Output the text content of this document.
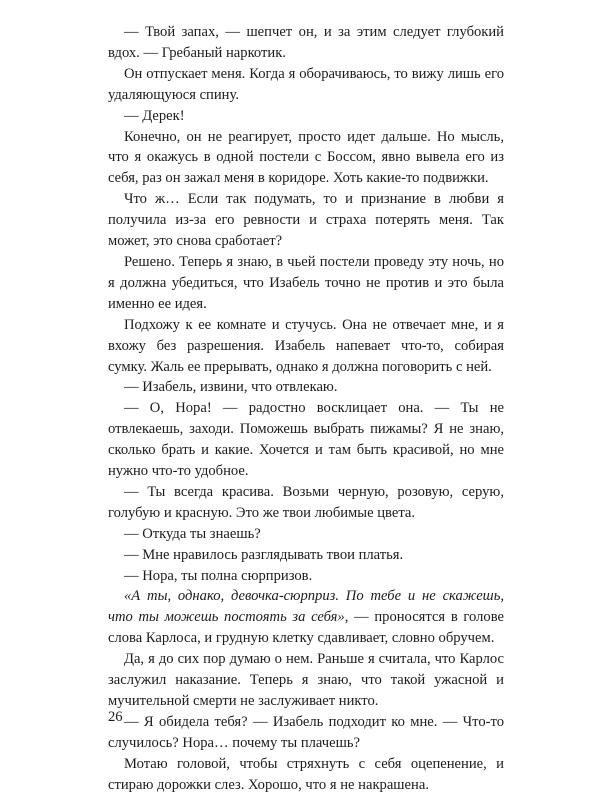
— Твой запах, — шепчет он, и за этим следует глубокий вдох. — Гребаный наркотик.

Он отпускает меня. Когда я оборачиваюсь, то вижу лишь его удаляющуюся спину.

— Дерек!

Конечно, он не реагирует, просто идет дальше. Но мысль, что я окажусь в одной постели с Боссом, явно вывела его из себя, раз он зажал меня в коридоре. Хоть какие-то подвижки.

Что ж… Если так подумать, то и признание в любви я получила из-за его ревности и страха потерять меня. Так может, это снова сработает?

Решено. Теперь я знаю, в чьей постели проведу эту ночь, но я должна убедиться, что Изабель точно не против и это была именно ее идея.

Подхожу к ее комнате и стучусь. Она не отвечает мне, и я вхожу без разрешения. Изабель напевает что-то, собирая сумку. Жаль ее прерывать, однако я должна поговорить с ней.

— Изабель, извини, что отвлекаю.

— О, Нора! — радостно восклицает она. — Ты не отвлекаешь, заходи. Поможешь выбрать пижамы? Я не знаю, сколько брать и какие. Хочется и там быть красивой, но мне нужно что-то удобное.

— Ты всегда красива. Возьми черную, розовую, серую, голубую и красную. Это же твои любимые цвета.

— Откуда ты знаешь?

— Мне нравилось разглядывать твои платья.

— Нора, ты полна сюрпризов.

«А ты, однако, девочка-сюрприз. По тебе и не скажешь, что ты можешь постоять за себя», — проносятся в голове слова Карлоса, и грудную клетку сдавливает, словно обручем.

Да, я до сих пор думаю о нем. Раньше я считала, что Карлос заслужил наказание. Теперь я знаю, что такой ужасной и мучительной смерти не заслуживает никто.

— Я обидела тебя? — Изабель подходит ко мне. — Что-то случилось? Нора… почему ты плачешь?

Мотаю головой, чтобы стряхнуть с себя оцепенение, и стираю дорожки слез. Хорошо, что я не накрашена.

26
